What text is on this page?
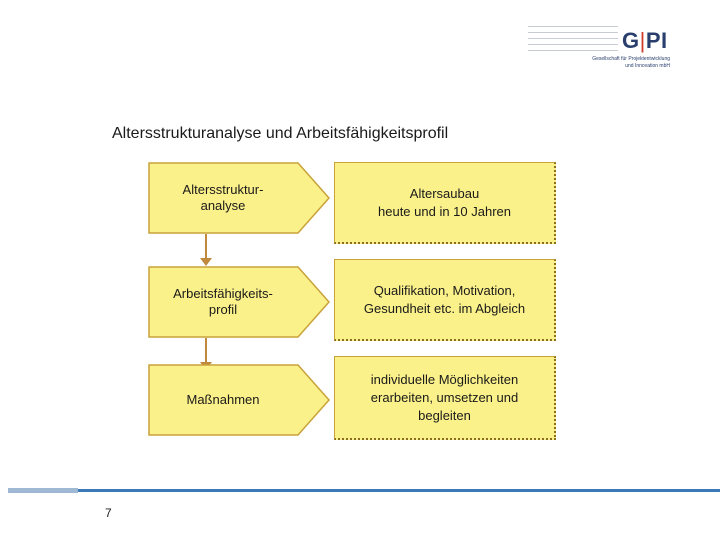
G|PI
Gesellschaft für Projektentwicklung
und Innovation mbH
Altersstrukturanalyse und Arbeitsfähigkeitsprofil
Altersstruktur-
analyse
Altersaubau
heute und in 10 Jahren
Arbeitsfähigkeits-
profil
Qualifikation, Motivation,
Gesundheit etc. im Abgleich
Maßnahmen
individuelle Möglichkeiten
erarbeiten, umsetzen und
begleiten
7
